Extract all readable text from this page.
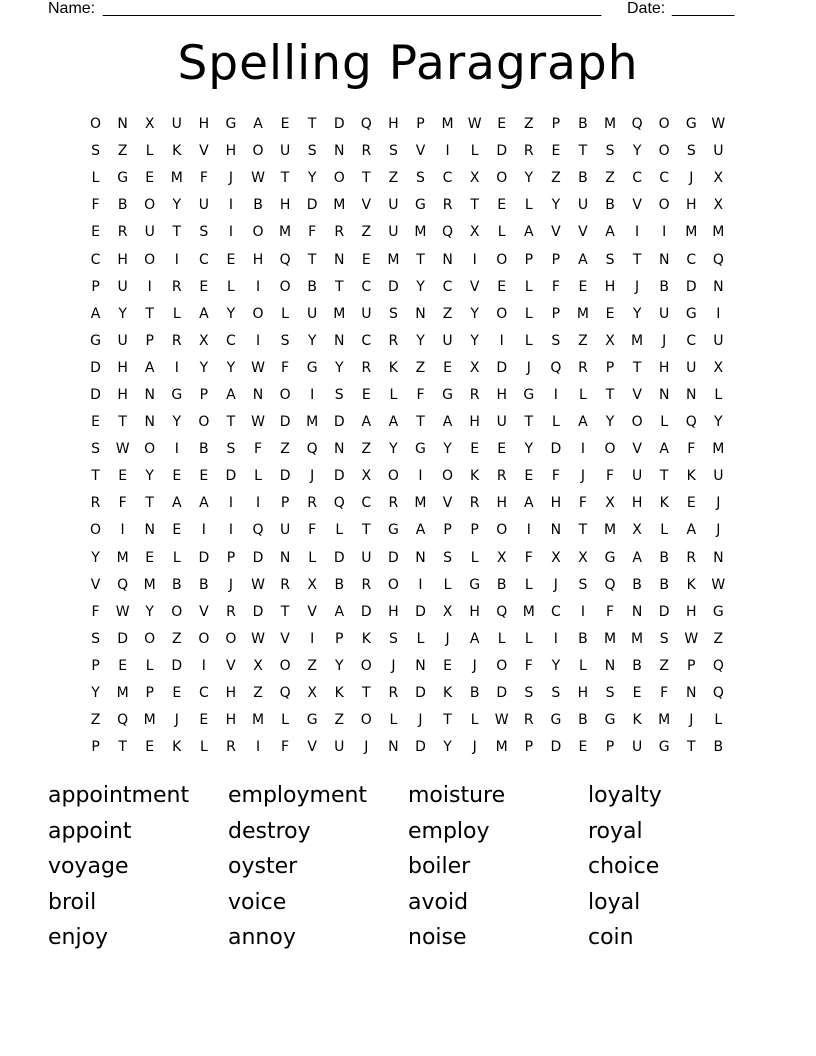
Name: ________________________________________________________ Date: _______
Spelling Paragraph
O	N	X	U	H	G	A	E	T	D	Q	H	P	M	W	E	Z	P	B	M	Q	O	G	W
S	Z	L	K	V	H	O	U	S	N	R	S	V	I	L	D	R	E	T	S	Y	O	S	U
L	G	E	M	F	J	W	T	Y	O	T	Z	S	C	X	O	Y	Z	B	Z	C	C	J	X
F	B	O	Y	U	I	B	H	D	M	V	U	G	R	T	E	L	Y	U	B	V	O	H	X
E	R	U	T	S	I	O	M	F	R	Z	U	M	Q	X	L	A	V	V	A	I	I	M	M
C	H	O	I	C	E	H	Q	T	N	E	M	T	N	I	O	P	P	A	S	T	N	C	Q
P	U	I	R	E	L	I	O	B	T	C	D	Y	C	V	E	L	F	E	H	J	B	D	N
A	Y	T	L	A	Y	O	L	U	M	U	S	N	Z	Y	O	L	P	M	E	Y	U	G	I
G	U	P	R	X	C	I	S	Y	N	C	R	Y	U	Y	I	L	S	Z	X	M	J	C	U
D	H	A	I	Y	Y	W	F	G	Y	R	K	Z	E	X	D	J	Q	R	P	T	H	U	X
D	H	N	G	P	A	N	O	I	S	E	L	F	G	R	H	G	I	L	T	V	N	N	L
E	T	N	Y	O	T	W	D	M	D	A	A	T	A	H	U	T	L	A	Y	O	L	Q	Y
S	W	O	I	B	S	F	Z	Q	N	Z	Y	G	Y	E	E	Y	D	I	O	V	A	F	M
T	E	Y	E	E	D	L	D	J	D	X	O	I	O	K	R	E	F	J	F	U	T	K	U
R	F	T	A	A	I	I	P	R	Q	C	R	M	V	R	H	A	H	F	X	H	K	E	J
O	I	N	E	I	I	Q	U	F	L	T	G	A	P	P	O	I	N	T	M	X	L	A	J
Y	M	E	L	D	P	D	N	L	D	U	D	N	S	L	X	F	X	X	G	A	B	R	N
V	Q	M	B	B	J	W	R	X	B	R	O	I	L	G	B	L	J	S	Q	B	B	K	W
F	W	Y	O	V	R	D	T	V	A	D	H	D	X	H	Q	M	C	I	F	N	D	H	G
S	D	O	Z	O	O	W	V	I	P	K	S	L	J	A	L	L	I	B	M	M	S	W	Z
P	E	L	D	I	V	X	O	Z	Y	O	J	N	E	J	O	F	Y	L	N	B	Z	P	Q
Y	M	P	E	C	H	Z	Q	X	K	T	R	D	K	B	D	S	S	H	S	E	F	N	Q
Z	Q	M	J	E	H	M	L	G	Z	O	L	J	T	L	W	R	G	B	G	K	M	J	L
P	T	E	K	L	R	I	F	V	U	J	N	D	Y	J	M	P	D	E	P	U	G	T	B
appointment	employment	moisture	loyalty
appoint	destroy	employ	royal
voyage	oyster	boiler	choice
broil	voice	avoid	loyal
enjoy	annoy	noise	coin
